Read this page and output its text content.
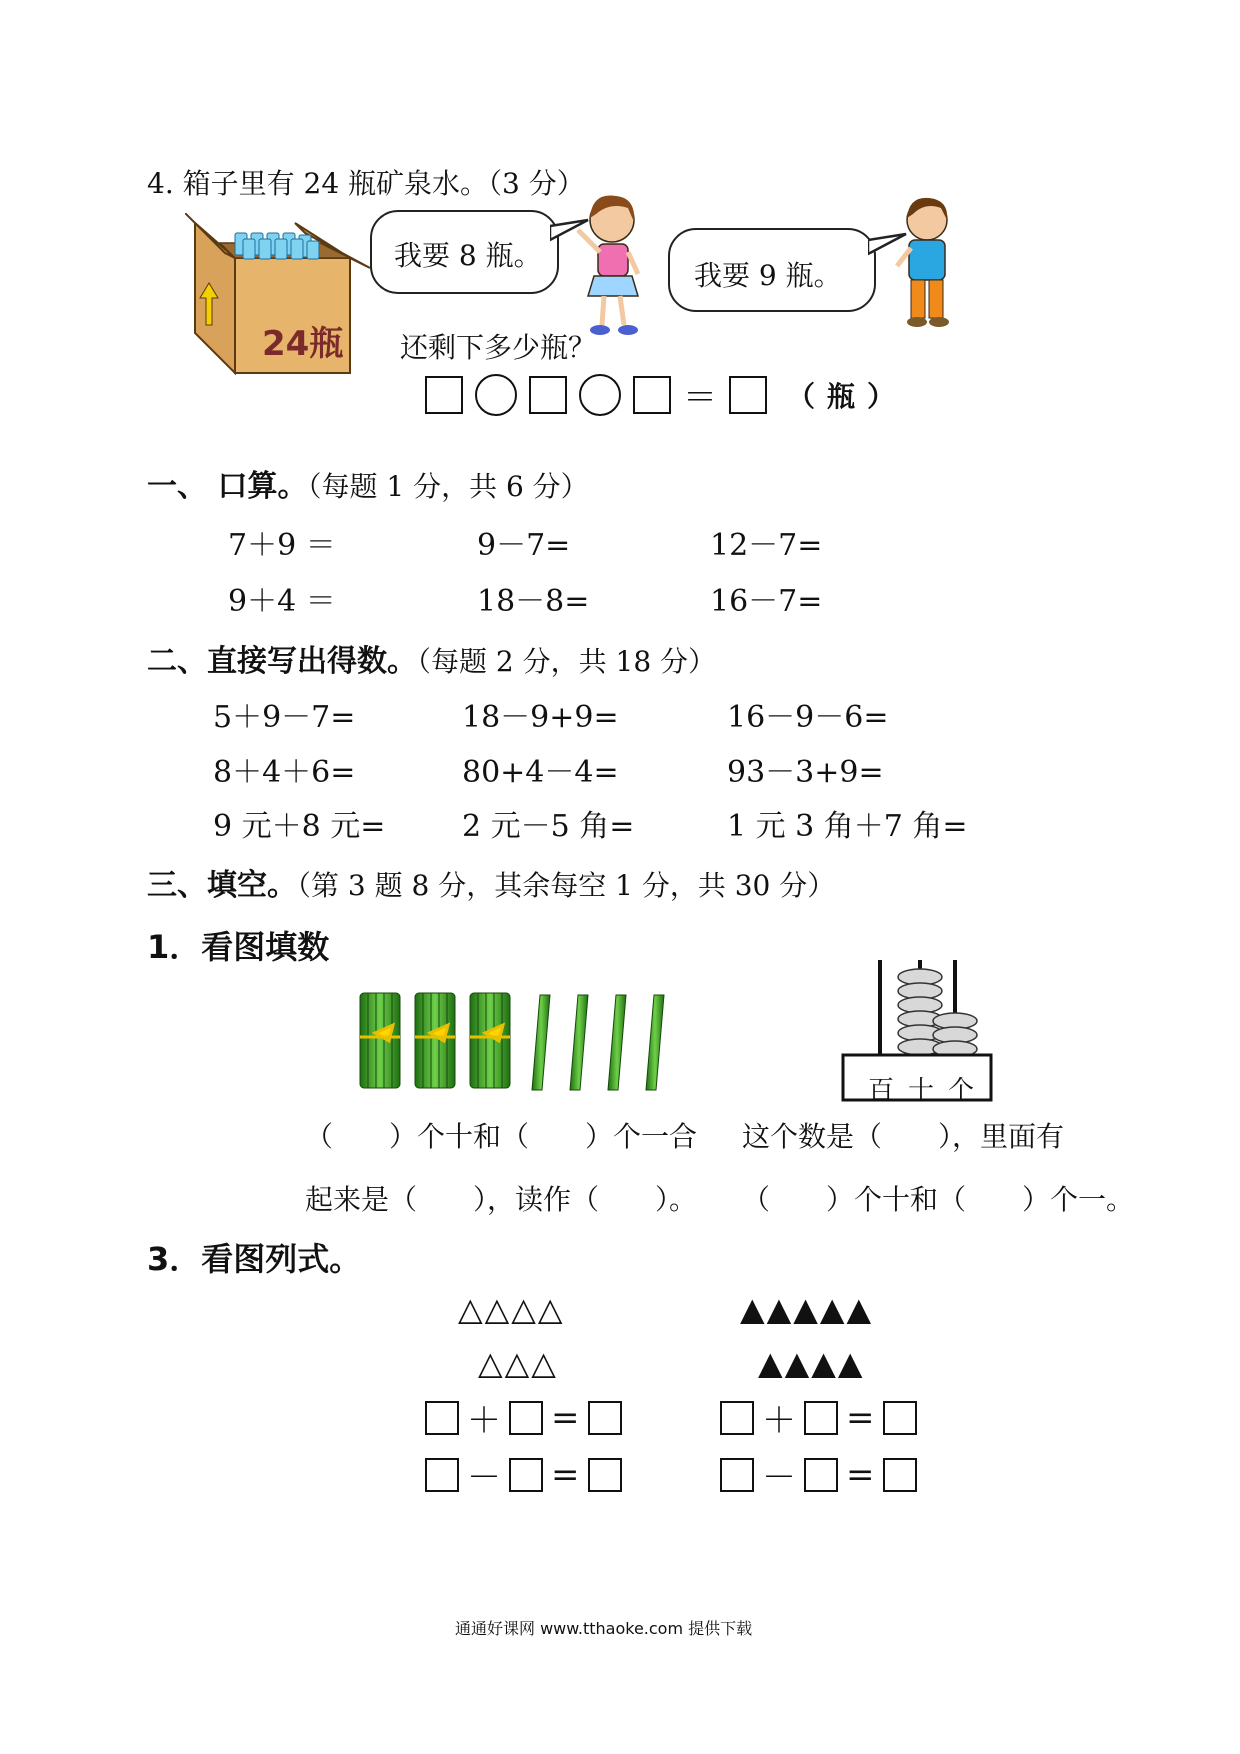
4. 箱子里有 24 瓶矿泉水。（3 分）
24瓶
我要 8 瓶。
我要 9 瓶。
还剩下多少瓶？
＝	（ 瓶 ）
一、 口算。（每题 1 分，共 6 分）
7＋9 ＝	9－7=	12－7=
9＋4 ＝	18－8=	16－7=
二、直接写出得数。（每题 2 分，共 18 分）
5＋9－7=	18－9+9=	16－9－6=
8＋4＋6=	80+4－4=	93－3+9=
9 元＋8 元=	2 元－5 角=	1 元 3 角＋7 角=
三、填空。（第 3 题 8 分，其余每空 1 分，共 30 分）
1．看图填数
百十个
（　　）个十和（　　）个一合
起来是（　　），读作（　　）。
这个数是（　　），里面有
（　　）个十和（　　）个一。
3．看图列式。
△△△△
△△△
▲▲▲▲▲
▲▲▲▲
＋ =
－ =
＋ =
－ =
通通好课网 www.tthaoke.com 提供下载
